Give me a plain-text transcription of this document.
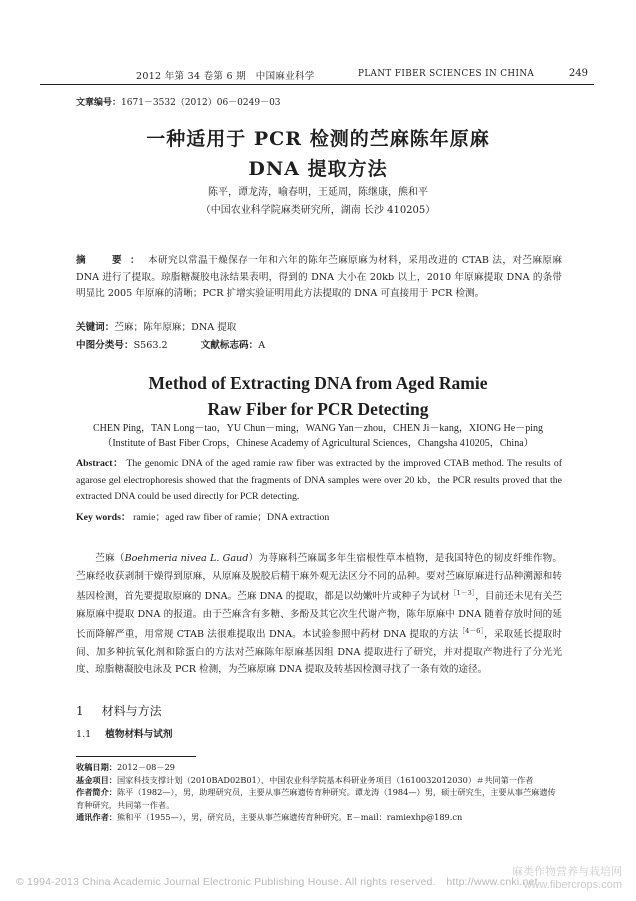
2012 年第 34 卷第 6 期　中国麻业科学	PLANT FIBER SCIENCES IN CHINA	249
文章编号：1671－3532（2012）06－0249－03
一种适用于 PCR 检测的苎麻陈年原麻
DNA 提取方法
陈平，谭龙涛，喻春明，王延周，陈继康，熊和平
（中国农业科学院麻类研究所，湖南 长沙 410205）
摘　要：本研究以常温干燥保存一年和六年的陈年苎麻原麻为材料，采用改进的 CTAB 法，对苎麻原麻 DNA 进行了提取。琼脂糖凝胶电泳结果表明，得到的 DNA 大小在 20kb 以上，2010 年原麻提取 DNA 的条带明显比 2005 年原麻的清晰；PCR 扩增实验证明用此方法提取的 DNA 可直接用于 PCR 检测。
关键词：苎麻；陈年原麻；DNA 提取
中图分类号：S563.2	文献标志码：A
Method of Extracting DNA from Aged Ramie
Raw Fiber for PCR Detecting
CHEN Ping，TAN Long－tao，YU Chun－ming，WANG Yan－zhou，CHEN Ji－kang，XIONG He－ping
（Institute of Bast Fiber Crops，Chinese Academy of Agricultural Sciences，Changsha 410205，China）
Abstract： The genomic DNA of the aged ramie raw fiber was extracted by the improved CTAB method. The results of agarose gel electrophoresis showed that the fragments of DNA samples were over 20 kb，the PCR results proved that the extracted DNA could be used directly for PCR detecting.
Key words： ramie；aged raw fiber of ramie；DNA extraction
苎麻（Boehmeria nivea L. Gaud）为荨麻科苎麻属多年生宿根性草本植物，是我国特色的韧皮纤维作物。苎麻经收获剥制干燥得到原麻，从原麻及脱胶后精干麻外观无法区分不同的品种。要对苎麻原麻进行品种溯源和转基因检测，首先要提取原麻的 DNA。苎麻 DNA 的提取，都是以幼嫩叶片或种子为试材$^{[1-3]}$，目前还未见有关苎麻原麻中提取 DNA 的报道。由于苎麻含有多糖、多酚及其它次生代谢产物，陈年原麻中 DNA 随着存放时间的延长而降解严重，用常规 CTAB 法很难提取出 DNA。本试验参照中药材 DNA 提取的方法$^{[4-6]}$，采取延长提取时间、加多种抗氧化剂和除蛋白的方法对苎麻陈年原麻基因组 DNA 提取进行了研究，并对提取产物进行了分光光度、琼脂糖凝胶电泳及 PCR 检测，为苎麻原麻 DNA 提取及转基因检测寻找了一条有效的途径。
1 材料与方法
1.1 植物材料与试剂
收稿日期：2012－08－29
基金项目：国家科技支撑计划（2010BAD02B01）、中国农业科学院基本科研业务项目（1610032012030）＃共同第一作者
作者简介：陈平（1982—），男，助理研究员，主要从事苎麻遗传育种研究。谭龙涛（1984—）男，硕士研究生，主要从事苎麻遗传育种研究，共同第一作者。
通讯作者：熊和平（1955—），男，研究员，主要从事苎麻遗传育种研究。E－mail：ramiexhp@189.cn
© 1994-2013 China Academic Journal Electronic Publishing House. All rights reserved.　http://www.cnki.net
麻类作物营养与栽培网
www.fibercrops.com
